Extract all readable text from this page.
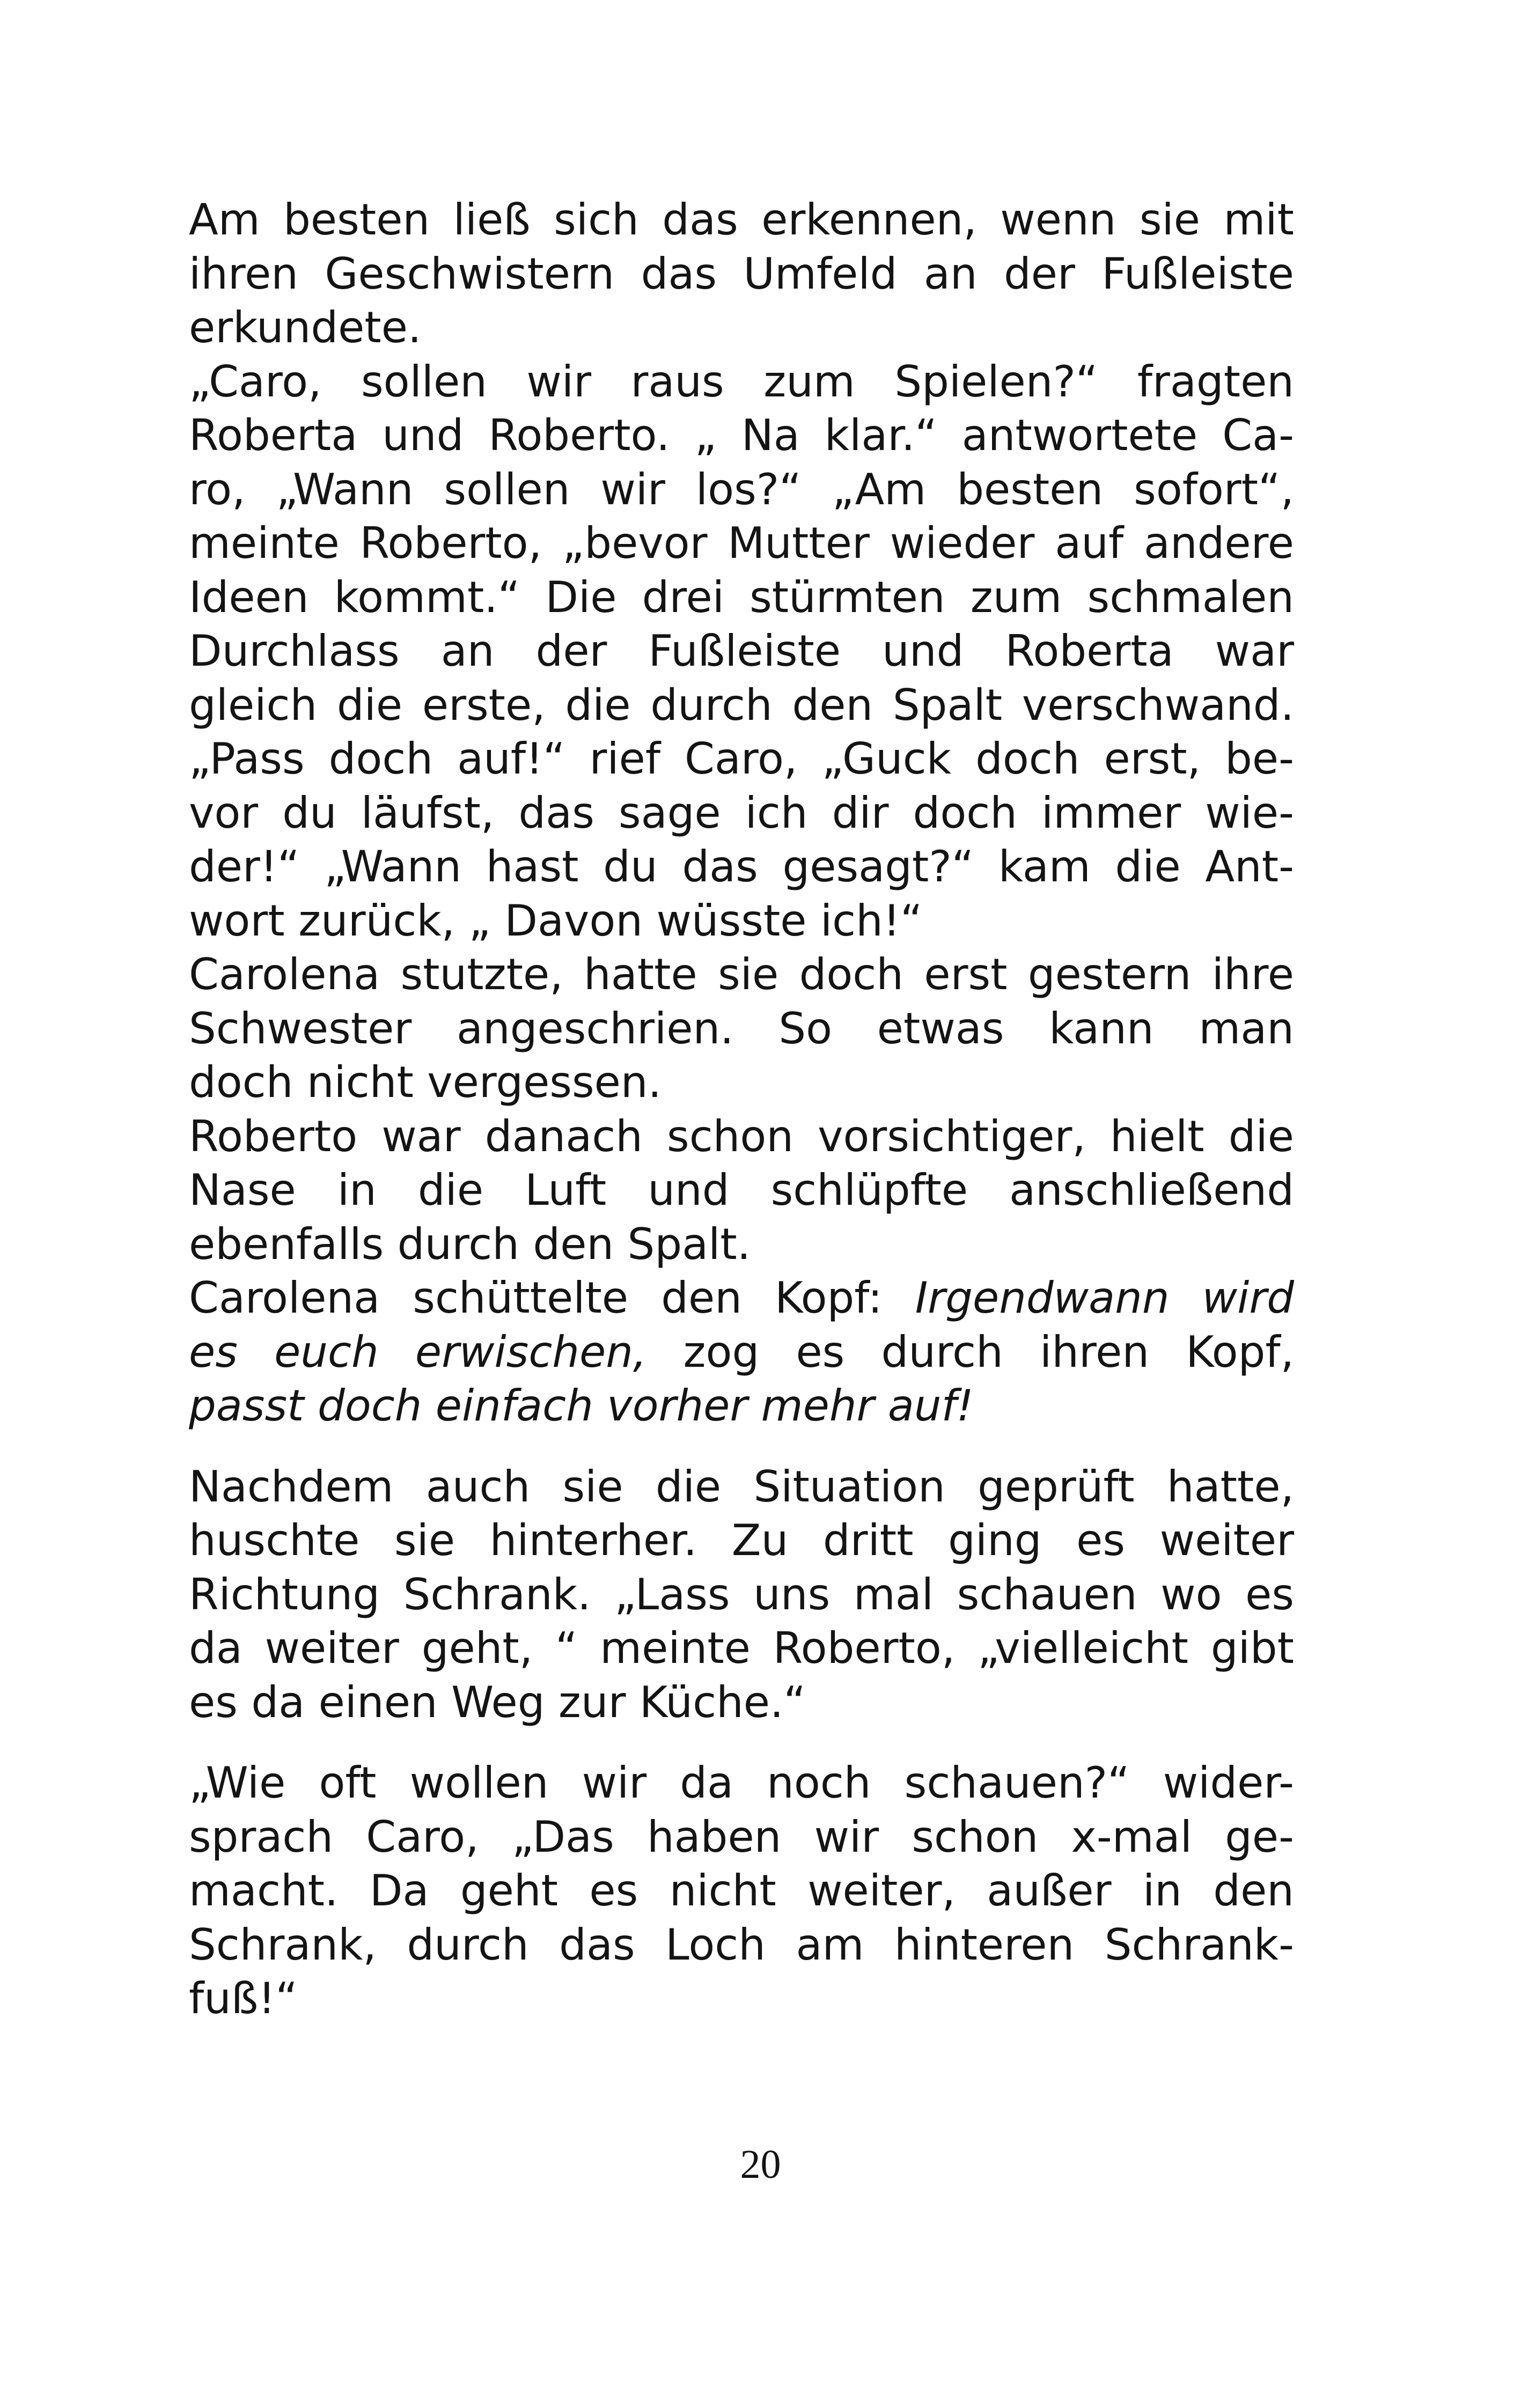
Am besten ließ sich das erkennen, wenn sie mit
ihren Geschwistern das Umfeld an der Fußleiste
erkundete.
„Caro, sollen wir raus zum Spielen?“ fragten
Roberta und Roberto. „ Na klar.“ antwortete Ca-
ro, „Wann sollen wir los?“ „Am besten sofort“,
meinte Roberto, „bevor Mutter wieder auf andere
Ideen kommt.“ Die drei stürmten zum schmalen
Durchlass an der Fußleiste und Roberta war
gleich die erste, die durch den Spalt verschwand.
„Pass doch auf!“ rief Caro, „Guck doch erst, be-
vor du läufst, das sage ich dir doch immer wie-
der!“ „Wann hast du das gesagt?“ kam die Ant-
wort zurück, „ Davon wüsste ich!“
Carolena stutzte, hatte sie doch erst gestern ihre
Schwester angeschrien. So etwas kann man
doch nicht vergessen.
Roberto war danach schon vorsichtiger, hielt die
Nase in die Luft und schlüpfte anschließend
ebenfalls durch den Spalt.
Carolena schüttelte den Kopf: Irgendwann wird
es euch erwischen, zog es durch ihren Kopf,
passt doch einfach vorher mehr auf!
Nachdem auch sie die Situation geprüft hatte,
huschte sie hinterher. Zu dritt ging es weiter
Richtung Schrank. „Lass uns mal schauen wo es
da weiter geht, “ meinte Roberto, „vielleicht gibt
es da einen Weg zur Küche.“
„Wie oft wollen wir da noch schauen?“ wider-
sprach Caro, „Das haben wir schon x-mal ge-
macht. Da geht es nicht weiter, außer in den
Schrank, durch das Loch am hinteren Schrank-
fuß!“
20
